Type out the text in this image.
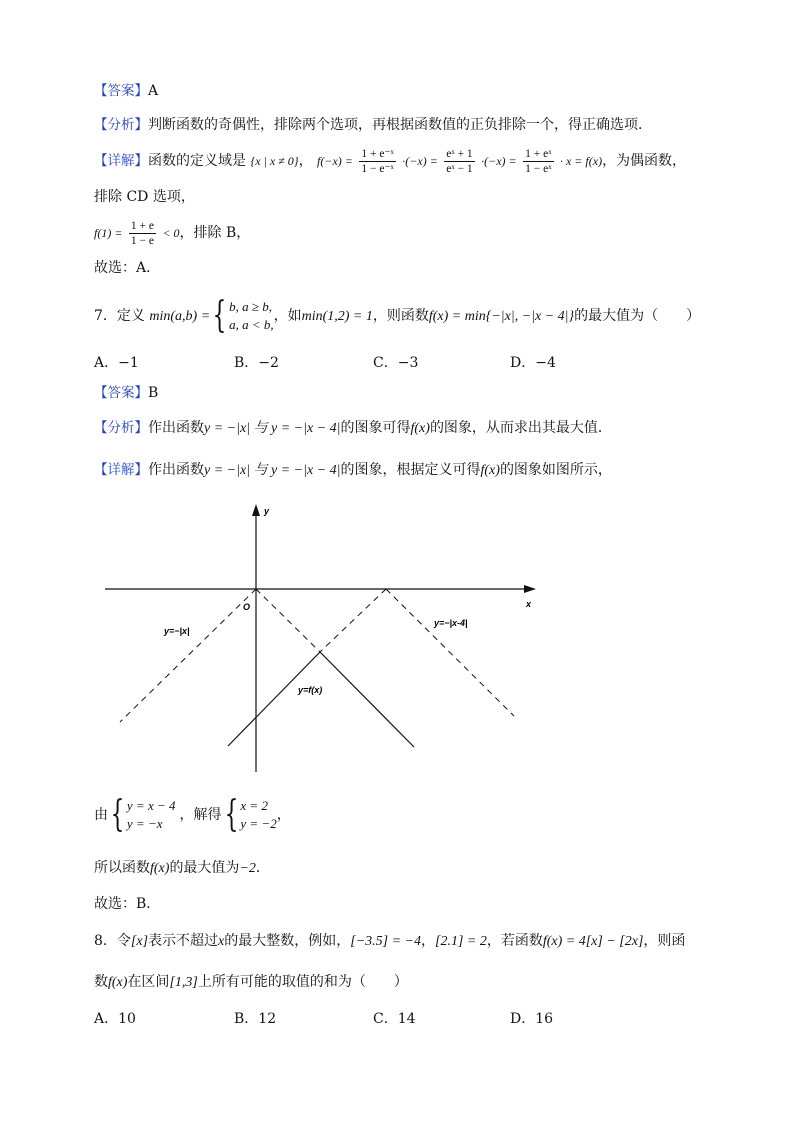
【答案】A
【分析】判断函数的奇偶性，排除两个选项，再根据函数值的正负排除一个，得正确选项．
【详解】函数的定义域是 {x | x ≠ 0}， $f(-x) = \frac{\text{1 + e⁻ˣ}}{\text{1 − e⁻ˣ}} \cdot(-x) = \frac{\text{eˣ + 1}}{\text{eˣ − 1}} \cdot(-x) = \frac{\text{1 + eˣ}}{\text{1 − eˣ}} \cdot x = f(x)$，为偶函数，
排除 CD 选项，
$f(1) = \frac{1 + e}{1 - e} < 0$，排除 B，
故选：A．
7．定义 min(a,b) ={ b, a ≥ b,
a, a < b,
，如min(1,2) = 1，则函数f(x) = min{−|x|, −|x − 4|}的最大值为（　　）
A．−1	B．−2	C．−3	D．−4
【答案】B
【分析】作出函数y = −|x| 与 y = −|x − 4|的图象可得f(x)的图象，从而求出其最大值．
【详解】作出函数y = −|x| 与 y = −|x − 4|的图象，根据定义可得f(x)的图象如图所示，
y
x
O
y=−|x|
y=−|x-4|
y=f(x)
由{ y = x − 4
y = −x
，解得{ x = 2
y = −2
，
所以函数f(x)的最大值为−2．
故选：B．
8．令[x]表示不超过x的最大整数，例如，[−3.5] = −4，[2.1] = 2，若函数f(x) = 4[x] − [2x]，则函
数f(x)在区间[1,3]上所有可能的取值的和为（　　）
A．10	B．12	C．14	D．16
